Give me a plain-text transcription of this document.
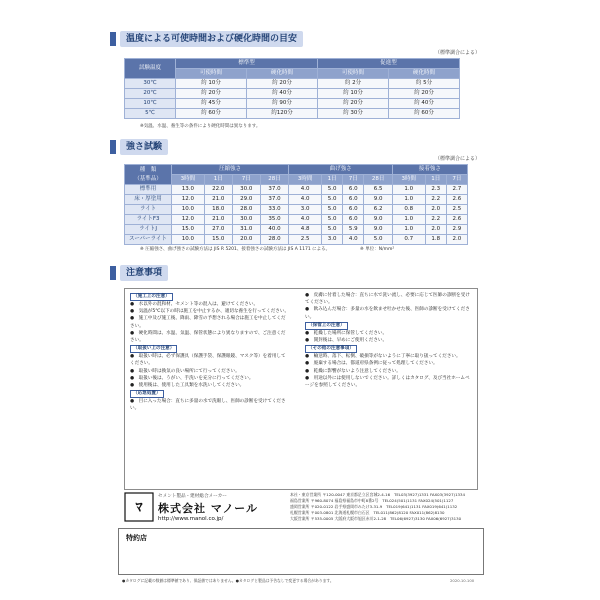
温度による可使時間および硬化時間の目安
（標準調合による）
試験温度	標準型		促進型	
	可使時間	硬化時間	可使時間	硬化時間
30℃	約 10分	約 20分	約 2分	約 5分
20℃	約 20分	約 40分	約 10分	約 20分
10℃	約 45分	約 90分	約 20分	約 40分
5℃	約 60分	約120分	約 30分	約 60分
※気温、水温、養生等の条件により硬化時間は異なります。
強さ試験
（標準調合による）
種　類
（基準品）	圧縮強さ				曲げ強さ				接着強さ		
	3時間	1日	7日	28日	3時間	1日	7日	28日	3時間	1日	7日
標準用	13.0	22.0	30.0	37.0	4.0	5.0	6.0	6.5	1.0	2.3	2.7
床・厚塗用	12.0	21.0	29.0	37.0	4.0	5.0	6.0	9.0	1.0	2.2	2.6
ライト	10.0	18.0	28.0	33.0	3.0	5.0	6.0	6.2	0.8	2.0	2.5
ライトF3	12.0	21.0	30.0	35.0	4.0	5.0	6.0	9.0	1.0	2.2	2.6
ライトJ	15.0	27.0	31.0	40.0	4.8	5.0	5.9	9.0	1.0	2.0	2.9
スーパーライト	10.0	15.0	20.0	28.0	2.5	3.0	4.0	5.0	0.7	1.8	2.0
※ 圧縮強さ、曲げ強さの試験方法は JIS R 5201、接着強さの試験方法は JIS A 1171 による。	※ 単位：N/mm²
注意事項
（施工上の注意）
●　水以外の混和材、セメント等の混入は、避けてください。
●　気温が5℃以下の時は施工を中止するか、適切な養生を行ってください。
●　施工中及び施工後、降雨、降雪の予想される場合は施工を中止してください。
●　硬化時間は、水温、気温、保管状態により異なりますので、ご注意ください。
（取扱い上の注意）
●　取扱い時は、必ず保護具（保護手袋、保護眼鏡、マスク等）を着用してください。
●　取扱い時は換気の良い場所にて行ってください。
●　取扱い後は、うがい、手洗いを充分に行ってください。
●　使用後は、使用した工具類を水洗いしてください。
（応急処置）
●　目に入った場合：直ちに多量の水で洗眼し、医師の診断を受けてください。
●　皮膚に付着した場合：直ちに水で洗い流し、必要に応じて医師の診断を受けてください。
●　飲み込んだ場合：多量の水を飲ませ吐かせた後、医師の診断を受けてください。
（保管上の注意）
●　乾燥した場所に保管してください。
●　開封後は、早めにご使用ください。
（その他の注意事項）
●　輸送時、落下、転倒、破損等がないように丁寧に取り扱ってください。
●　廃棄する場合は、都道府県条例に従って処理してください。
●　乾燥に影響がないよう注意してください。
●　用途以外には使用しないでください。詳しくはカタログ、及び当社ホームページを参照してください。
ﾏ
セメント製品・建材総合メーカー
株式会社 マノール
http://www.manol.co.jp/
本社・東京営業所 〒120-0047 東京都足立区宮城2-4-16　TEL03(3927)1331 FAX03(3927)1334
福島営業所 〒960-8074 福島県福島市中町8番2号　TEL024(501)1131 FAX024(501)1127
盛岡営業所 〒020-0122 岩手県盛岡市みたけ3-31-9　TEL019(641)1131 FAX019(641)1132
札幌営業所 〒003-0801 北海道札幌市白石区　TEL011(862)8120 FAX011(862)8130
大阪営業所 〒535-0005 大阪府大阪市旭区赤川2-1-28　TEL06(6927)3130 FAX06(6927)3130
特約店
●カタログに記載の数値は標準値であり、保証値ではありません。●カタログと製品は予告なしで変更する場合があります。	2020.10.100
